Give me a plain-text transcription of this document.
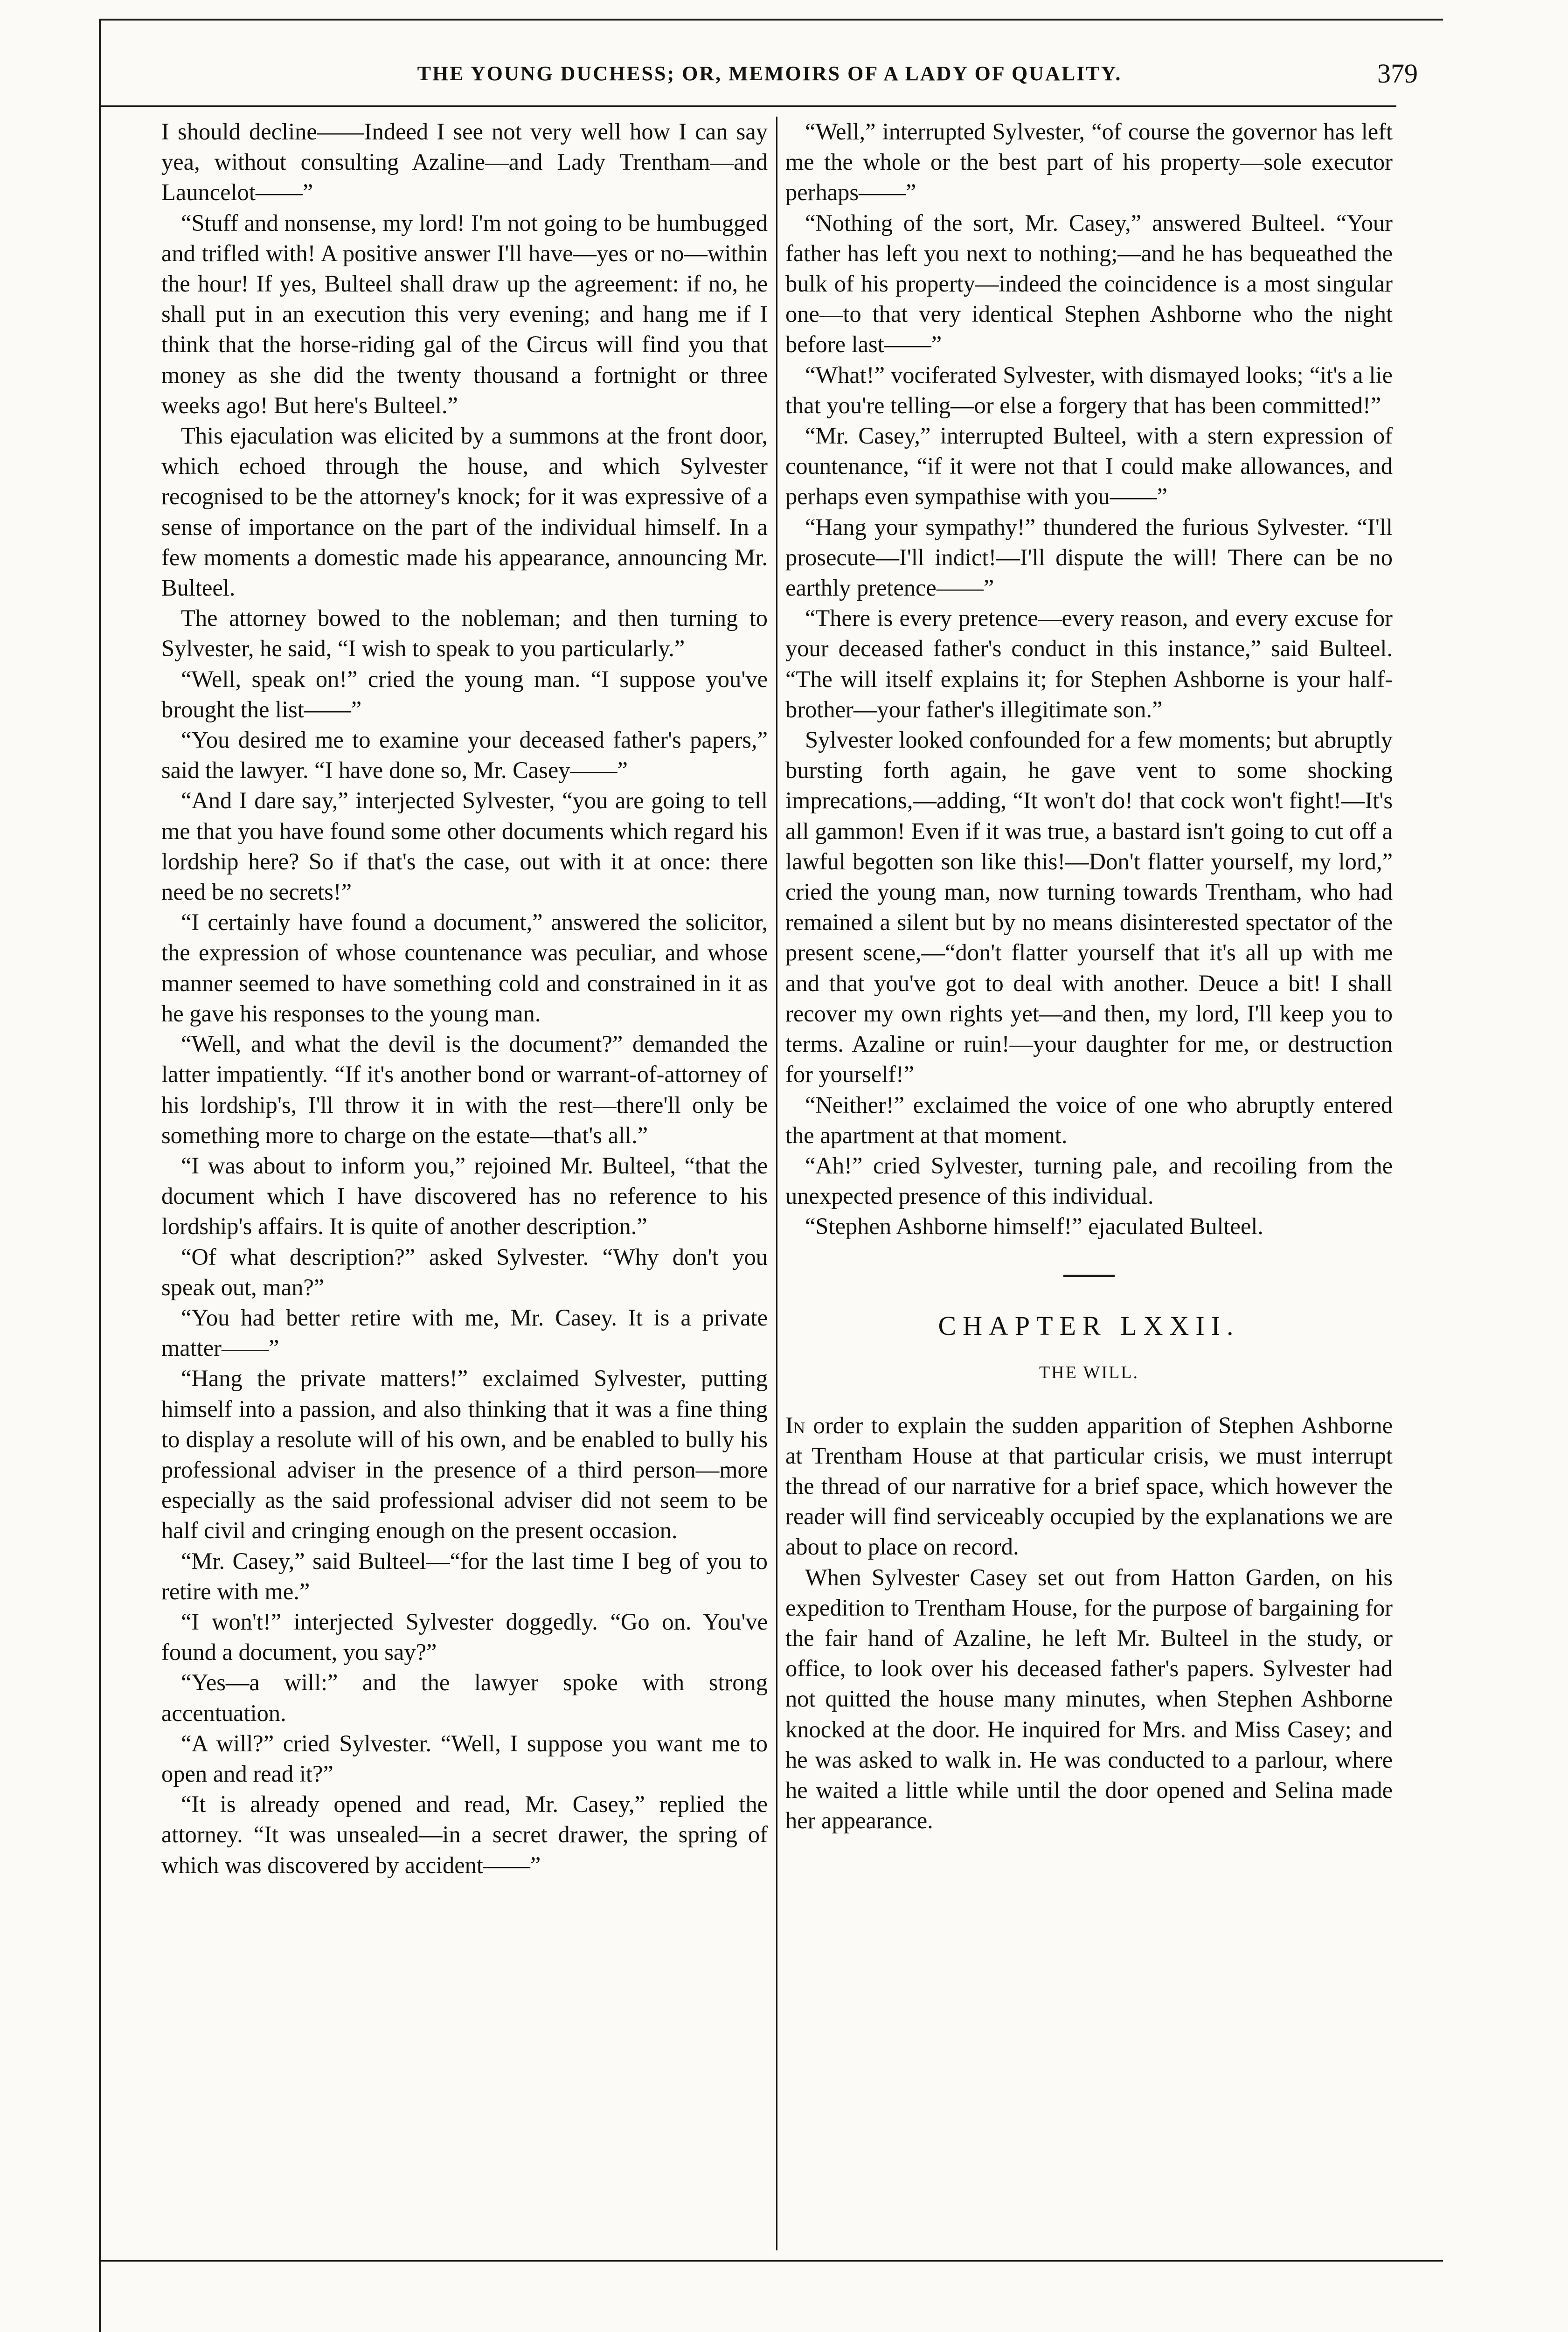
THE YOUNG DUCHESS; OR, MEMOIRS OF A LADY OF QUALITY.	379

I should decline——Indeed I see not very well how I can say yea, without consulting Azaline—and Lady Trentham—and Launcelot——”

“Stuff and nonsense, my lord! I'm not going to be humbugged and trifled with! A positive answer I'll have—yes or no—within the hour! If yes, Bulteel shall draw up the agreement: if no, he shall put in an execution this very evening; and hang me if I think that the horse-riding gal of the Circus will find you that money as she did the twenty thousand a fortnight or three weeks ago! But here's Bulteel.”

This ejaculation was elicited by a summons at the front door, which echoed through the house, and which Sylvester recognised to be the attorney's knock; for it was expressive of a sense of importance on the part of the individual himself. In a few moments a domestic made his appearance, announcing Mr. Bulteel.

The attorney bowed to the nobleman; and then turning to Sylvester, he said, “I wish to speak to you particularly.”

“Well, speak on!” cried the young man. “I suppose you've brought the list——”

“You desired me to examine your deceased father's papers,” said the lawyer. “I have done so, Mr. Casey——”

“And I dare say,” interjected Sylvester, “you are going to tell me that you have found some other documents which regard his lordship here? So if that's the case, out with it at once: there need be no secrets!”

“I certainly have found a document,” answered the solicitor, the expression of whose countenance was peculiar, and whose manner seemed to have something cold and constrained in it as he gave his responses to the young man.

“Well, and what the devil is the document?” demanded the latter impatiently. “If it's another bond or warrant-of-attorney of his lordship's, I'll throw it in with the rest—there'll only be something more to charge on the estate—that's all.”

“I was about to inform you,” rejoined Mr. Bulteel, “that the document which I have discovered has no reference to his lordship's affairs. It is quite of another description.”

“Of what description?” asked Sylvester. “Why don't you speak out, man?”

“You had better retire with me, Mr. Casey. It is a private matter——”

“Hang the private matters!” exclaimed Sylvester, putting himself into a passion, and also thinking that it was a fine thing to display a resolute will of his own, and be enabled to bully his professional adviser in the presence of a third person—more especially as the said professional adviser did not seem to be half civil and cringing enough on the present occasion.

“Mr. Casey,” said Bulteel—“for the last time I beg of you to retire with me.”

“I won't!” interjected Sylvester doggedly. “Go on. You've found a document, you say?”

“Yes—a will:” and the lawyer spoke with strong accentuation.

“A will?” cried Sylvester. “Well, I suppose you want me to open and read it?”

“It is already opened and read, Mr. Casey,” replied the attorney. “It was unsealed—in a secret drawer, the spring of which was discovered by accident——”

“Well,” interrupted Sylvester, “of course the governor has left me the whole or the best part of his property—sole executor perhaps——”

“Nothing of the sort, Mr. Casey,” answered Bulteel. “Your father has left you next to nothing;—and he has bequeathed the bulk of his property—indeed the coincidence is a most singular one—to that very identical Stephen Ashborne who the night before last——”

“What!” vociferated Sylvester, with dismayed looks; “it's a lie that you're telling—or else a forgery that has been committed!”

“Mr. Casey,” interrupted Bulteel, with a stern expression of countenance, “if it were not that I could make allowances, and perhaps even sympathise with you——”

“Hang your sympathy!” thundered the furious Sylvester. “I'll prosecute—I'll indict!—I'll dispute the will! There can be no earthly pretence——”

“There is every pretence—every reason, and every excuse for your deceased father's conduct in this instance,” said Bulteel. “The will itself explains it; for Stephen Ashborne is your half-brother—your father's illegitimate son.”

Sylvester looked confounded for a few moments; but abruptly bursting forth again, he gave vent to some shocking imprecations,—adding, “It won't do! that cock won't fight!—It's all gammon! Even if it was true, a bastard isn't going to cut off a lawful begotten son like this!—Don't flatter yourself, my lord,” cried the young man, now turning towards Trentham, who had remained a silent but by no means disinterested spectator of the present scene,—“don't flatter yourself that it's all up with me and that you've got to deal with another. Deuce a bit! I shall recover my own rights yet—and then, my lord, I'll keep you to terms. Azaline or ruin!—your daughter for me, or destruction for yourself!”

“Neither!” exclaimed the voice of one who abruptly entered the apartment at that moment.

“Ah!” cried Sylvester, turning pale, and recoiling from the unexpected presence of this individual.

“Stephen Ashborne himself!” ejaculated Bulteel.

CHAPTER LXXII.
THE WILL.

In order to explain the sudden apparition of Stephen Ashborne at Trentham House at that particular crisis, we must interrupt the thread of our narrative for a brief space, which however the reader will find serviceably occupied by the explanations we are about to place on record.

When Sylvester Casey set out from Hatton Garden, on his expedition to Trentham House, for the purpose of bargaining for the fair hand of Azaline, he left Mr. Bulteel in the study, or office, to look over his deceased father's papers. Sylvester had not quitted the house many minutes, when Stephen Ashborne knocked at the door. He inquired for Mrs. and Miss Casey; and he was asked to walk in. He was conducted to a parlour, where he waited a little while until the door opened and Selina made her appearance.
